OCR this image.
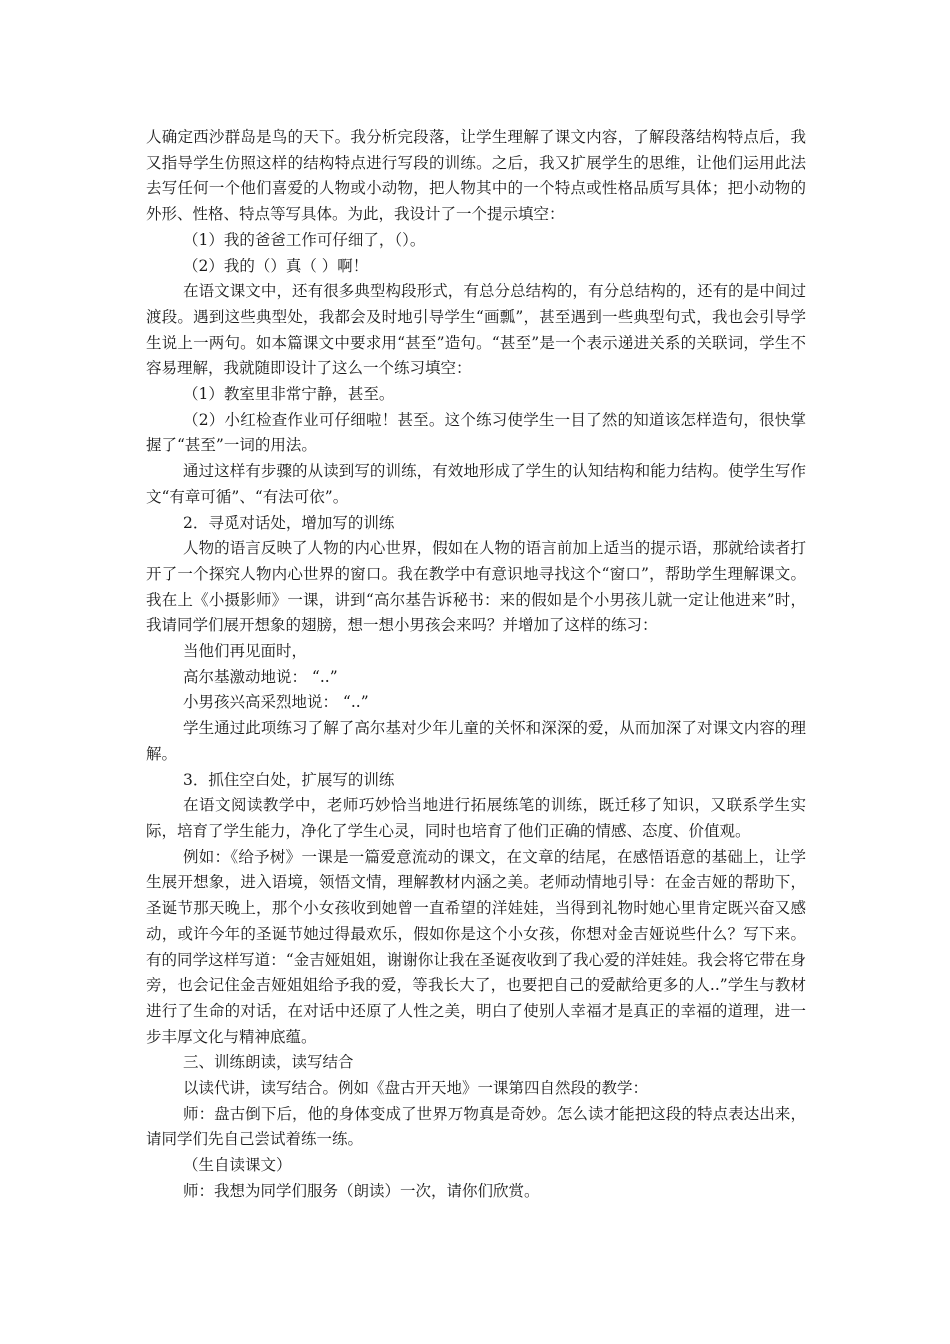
人确定西沙群岛是鸟的天下。我分析完段落，让学生理解了课文内容，了解段落结构特点后，我又指导学生仿照这样的结构特点进行写段的训练。之后，我又扩展学生的思维，让他们运用此法去写任何一个他们喜爱的人物或小动物，把人物其中的一个特点或性格品质写具体；把小动物的外形、性格、特点等写具体。为此，我设计了一个提示填空：

（1）我的爸爸工作可仔细了，（）。

（2）我的（）真（ ）啊！

在语文课文中，还有很多典型构段形式，有总分总结构的，有分总结构的，还有的是中间过渡段。遇到这些典型处，我都会及时地引导学生“画瓢”，甚至遇到一些典型句式，我也会引导学生说上一两句。如本篇课文中要求用“甚至”造句。“甚至”是一个表示递进关系的关联词，学生不容易理解，我就随即设计了这么一个练习填空：

（1）教室里非常宁静，甚至。

（2）小红检查作业可仔细啦！甚至。这个练习使学生一目了然的知道该怎样造句，很快掌握了“甚至”一词的用法。

通过这样有步骤的从读到写的训练，有效地形成了学生的认知结构和能力结构。使学生写作文“有章可循”、“有法可依”。

2．寻觅对话处，增加写的训练

人物的语言反映了人物的内心世界，假如在人物的语言前加上适当的提示语，那就给读者打开了一个探究人物内心世界的窗口。我在教学中有意识地寻找这个“窗口”，帮助学生理解课文。我在上《小摄影师》一课，讲到“高尔基告诉秘书：来的假如是个小男孩儿就一定让他进来”时，我请同学们展开想象的翅膀，想一想小男孩会来吗？并增加了这样的练习：

当他们再见面时，

高尔基激动地说： “..”

小男孩兴高采烈地说： “..”

学生通过此项练习了解了高尔基对少年儿童的关怀和深深的爱，从而加深了对课文内容的理解。

3．抓住空白处，扩展写的训练

在语文阅读教学中，老师巧妙恰当地进行拓展练笔的训练，既迁移了知识，又联系学生实际，培育了学生能力，净化了学生心灵，同时也培育了他们正确的情感、态度、价值观。

例如：《给予树》一课是一篇爱意流动的课文，在文章的结尾，在感悟语意的基础上，让学生展开想象，进入语境，领悟文情，理解教材内涵之美。老师动情地引导：在金吉娅的帮助下，圣诞节那天晚上，那个小女孩收到她曾一直希望的洋娃娃，当得到礼物时她心里肯定既兴奋又感动，或许今年的圣诞节她过得最欢乐，假如你是这个小女孩，你想对金吉娅说些什么？写下来。有的同学这样写道：“金吉娅姐姐，谢谢你让我在圣诞夜收到了我心爱的洋娃娃。我会将它带在身旁，也会记住金吉娅姐姐给予我的爱，等我长大了，也要把自己的爱献给更多的人..”学生与教材进行了生命的对话，在对话中还原了人性之美，明白了使别人幸福才是真正的幸福的道理，进一步丰厚文化与精神底蕴。

三、训练朗读，读写结合

以读代讲，读写结合。例如《盘古开天地》一课第四自然段的教学：

师：盘古倒下后，他的身体变成了世界万物真是奇妙。怎么读才能把这段的特点表达出来，请同学们先自己尝试着练一练。

（生自读课文）

师：我想为同学们服务（朗读）一次，请你们欣赏。
